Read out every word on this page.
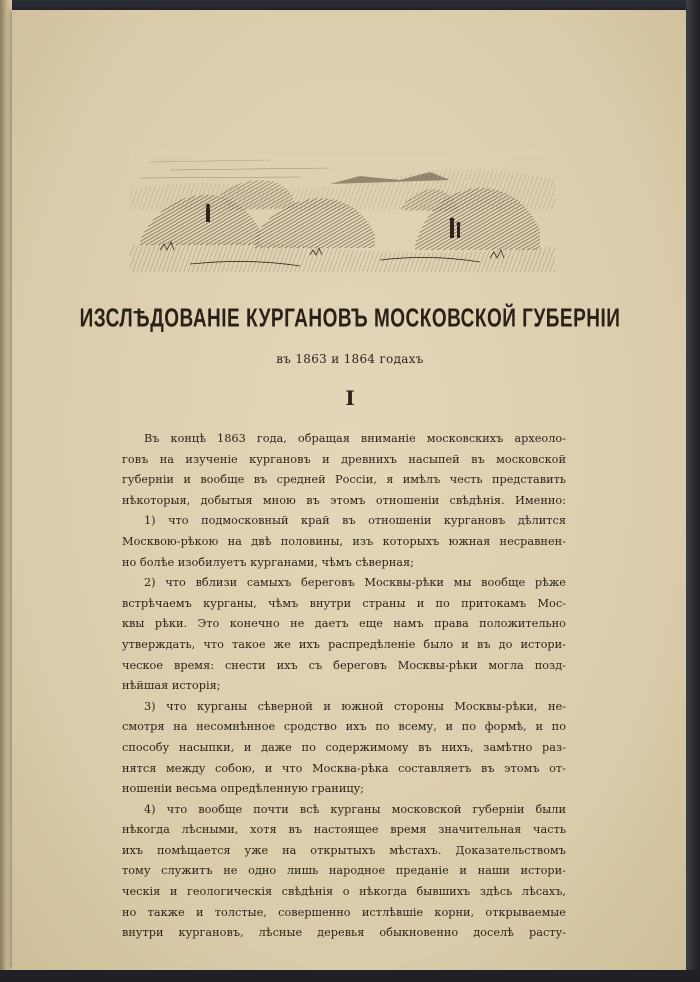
ИЗСЛѢДОВАНIЕ КУРГАНОВЪ МОСКОВСКОЙ ГУБЕРНIИ
въ 1863 и 1864 годахъ
I
Въ концѣ 1863 года, обращая вниманiе московскихъ археоло-
говъ на изученiе кургановъ и древнихъ насыпей въ московской
губернiи и вообще въ средней Россiи, я имѣлъ честь представить
нѣкоторыя, добытыя мною въ этомъ отношенiи свѣдѣнiя. Именно:
1) что подмосковный край въ отношенiи кургановъ дѣлится
Москвою-рѣкою на двѣ половины, изъ которыхъ южная несравнен-
но болѣе изобилуетъ курганами, чѣмъ сѣверная;
2) что вблизи самыхъ береговъ Москвы-рѣки мы вообще рѣже
встрѣчаемъ курганы, чѣмъ внутри страны и по притокамъ Мос-
квы рѣки. Это конечно не даетъ еще намъ права положительно
утверждать, что такое же ихъ распредѣленiе было и въ до истори-
ческое время: снести ихъ съ береговъ Москвы-рѣки могла позд-
нѣйшая исторiя;
3) что курганы сѣверной и южной стороны Москвы-рѣки, не-
смотря на несомнѣнное сродство ихъ по всему, и по формѣ, и по
способу насыпки, и даже по содержимому въ нихъ, замѣтно раз-
нятся между собою, и что Москва-рѣка составляетъ въ этомъ от-
ношенiи весьма опредѣленную границу;
4) что вообще почти всѣ курганы московской губернiи были
нѣкогда лѣсными, хотя въ настоящее время значительная часть
ихъ помѣщается уже на открытыхъ мѣстахъ. Доказательствомъ
тому служитъ не одно лишь народное преданiе и наши истори-
ческiя и геологическiя свѣдѣнiя о нѣкогда бывшихъ здѣсь лѣсахъ,
но также и толстые, совершенно истлѣвшiе корни, открываемые
внутри кургановъ, лѣсные деревья обыкновенно доселѣ расту-
